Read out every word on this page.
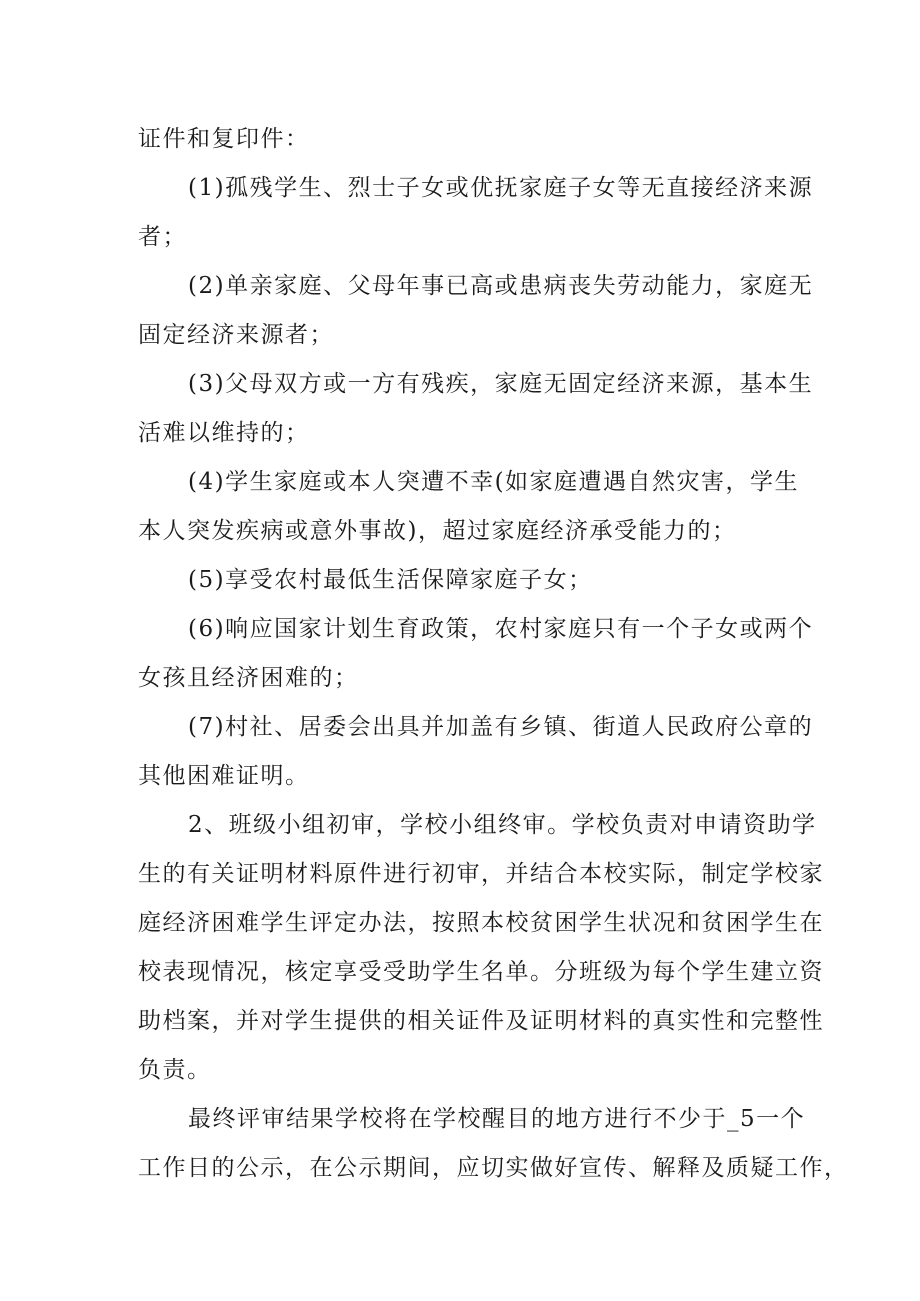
证件和复印件：
(1)孤残学生、烈士子女或优抚家庭子女等无直接经济来源
者；
(2)单亲家庭、父母年事已高或患病丧失劳动能力，家庭无
固定经济来源者；
(3)父母双方或一方有残疾，家庭无固定经济来源，基本生
活难以维持的；
(4)学生家庭或本人突遭不幸(如家庭遭遇自然灾害，学生
本人突发疾病或意外事故)，超过家庭经济承受能力的；
(5)享受农村最低生活保障家庭子女；
(6)响应国家计划生育政策，农村家庭只有一个子女或两个
女孩且经济困难的；
(7)村社、居委会出具并加盖有乡镇、街道人民政府公章的
其他困难证明。
2、班级小组初审，学校小组终审。学校负责对申请资助学
生的有关证明材料原件进行初审，并结合本校实际，制定学校家
庭经济困难学生评定办法，按照本校贫困学生状况和贫困学生在
校表现情况，核定享受受助学生名单。分班级为每个学生建立资
助档案，并对学生提供的相关证件及证明材料的真实性和完整性
负责。
最终评审结果学校将在学校醒目的地方进行不少于_5一个
工作日的公示，在公示期间，应切实做好宣传、解释及质疑工作，
